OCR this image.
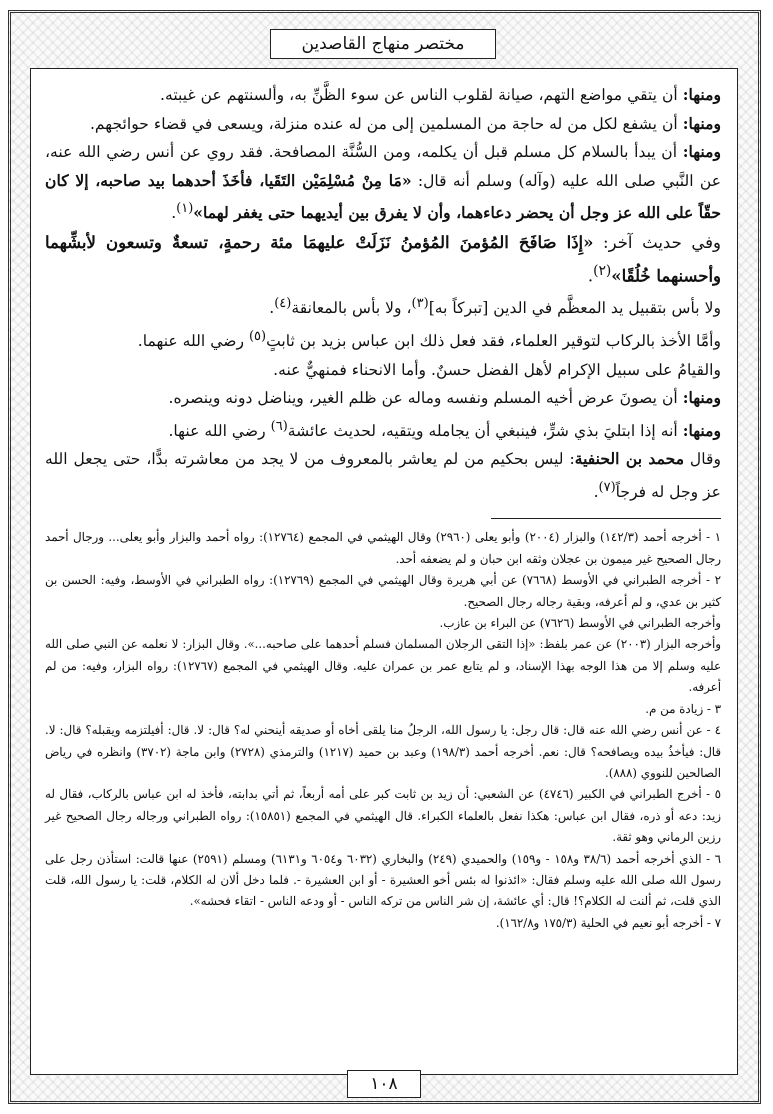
مختصر منهاج القاصدين

ومنها: أن يتقي مواضع التهم، صيانة لقلوب الناس عن سوء الظَّنِّ به، وألسنتهم عن غيبته.

ومنها: أن يشفع لكل من له حاجة من المسلمين إلى من له عنده منزلة، ويسعى في قضاء حوائجهم.

ومنها: أن يبدأ بالسلام كل مسلم قبل أن يكلمه، ومن السُّنَّة المصافحة. فقد روي عن أنس رضي الله عنه، عن النَّبي صلى الله عليه (وآله) وسلم أنه قال: «مَا مِنْ مُسْلِمَيْن التَقَيا، فأخَذَ أحدهما بيد صاحبه، إلا كان حقّاً على الله عز وجل أن يحضر دعاءهما، وأن لا يفرق بين أيديهما حتى يغفر لهما»$^{(١)}$.

وفي حديث آخر: «إِذَا صَافَحَ المُؤمنَ المُؤمنُ نَزَلَتْ عليهمَا مئة رحمةٍ، تسعةٌ وتسعون لأبشِّهما وأحسنهما خُلُقًا»$^{(٢)}$.

ولا بأس بتقبيل يد المعظَّم في الدين [تبركاً به]$^{(٣)}$، ولا بأس بالمعانقة$^{(٤)}$.

وأمَّا الأخذ بالركاب لتوقير العلماء، فقد فعل ذلك ابن عباس بزيد بن ثابتٍ$^{(٥)}$ رضي الله عنهما.

والقيامُ على سبيل الإكرام لأهل الفضل حسنٌ. وأما الانحناء فمنهيٌّ عنه.

ومنها: أن يصونَ عرض أخيه المسلم ونفسه وماله عن ظلم الغير، ويناضل دونه وينصره.

ومنها: أنه إذا ابتليَ بذي شرٍّ، فينبغي أن يجامله ويتقيه، لحديث عائشة$^{(٦)}$ رضي الله عنها.

وقال محمد بن الحنفية: ليس بحكيم من لم يعاشر بالمعروف من لا يجد من معاشرته بدًّا، حتى يجعل الله عز وجل له فرجاً$^{(٧)}$.

١ - أخرجه أحمد (١٤٢/٣) والبزار (٢٠٠٤) وأبو يعلى (٢٩٦٠) وقال الهيثمي في المجمع (١٢٧٦٤): رواه أحمد والبزار وأبو يعلى... ورجال أحمد رجال الصحيح غير ميمون بن عجلان وثقه ابن حبان و لم يضعفه أحد.

٢ - أخرجه الطبراني في الأوسط (٧٦٦٨) عن أبي هريرة وقال الهيثمي في المجمع (١٢٧٦٩): رواه الطبراني في الأوسط، وفيه: الحسن بن كثير بن عدي، و لم أعرفه، وبقية رجاله رجال الصحيح.

وأخرجه الطبراني في الأوسط (٧٦٢٦) عن البراء بن عازب.

وأخرجه البزار (٢٠٠٣) عن عمر بلفظ: «إذا التقى الرجلان المسلمان فسلم أحدهما على صاحبه...». وقال البزار: لا نعلمه عن النبي صلى الله عليه وسلم إلا من هذا الوجه بهذا الإسناد، و لم يتابع عمر بن عمران عليه. وقال الهيثمي في المجمع (١٢٧٦٧): رواه البزار، وفيه: من لم أعرفه.

٣ - زيادة من م.

٤ - عن أنس رضي الله عنه قال: قال رجل: يا رسول الله، الرجلُ منا يلقى أخاه أو صديقه أينحني له؟ قال: لا. قال: أفيلتزمه ويقبله؟ قال: لا. قال: فيأخذُ بيده ويصافحه؟ قال: نعم. أخرجه أحمد (١٩٨/٣) وعبد بن حميد (١٢١٧) والترمذي (٢٧٢٨) وابن ماجة (٣٧٠٢) وانظره في رياض الصالحين للنووي (٨٨٨).

٥ - أخرج الطبراني في الكبير (٤٧٤٦) عن الشعبي: أن زيد بن ثابت كبر على أمه أربعاً، ثم أتي بدابته، فأخذ له ابن عباس بالركاب، فقال له زيد: دعه أو ذره، فقال ابن عباس: هكذا نفعل بالعلماء الكبراء. قال الهيثمي في المجمع (١٥٨٥١): رواه الطبراني ورجاله رجال الصحيح غير رزين الرماني وهو ثقة.

٦ - الذي أخرجه أحمد (٣٨/٦ و١٥٨ - و١٥٩) والحميدي (٢٤٩) والبخاري (٦٠٣٢ و٦٠٥٤ و٦١٣١) ومسلم (٢٥٩١) عنها قالت: استأذن رجل على رسول الله صلى الله عليه وسلم فقال: «ائذنوا له بئس أخو العشيرة - أو ابن العشيرة -. فلما دخل ألان له الكلام، قلت: يا رسول الله، قلت الذي قلت، ثم ألنت له الكلام؟! قال: أي عائشة، إن شر الناس من تركه الناس - أو ودعه الناس - اتقاء فحشه».

٧ - أخرجه أبو نعيم في الحلية (١٧٥/٣ و١٦٢/٨).

١٠٨
